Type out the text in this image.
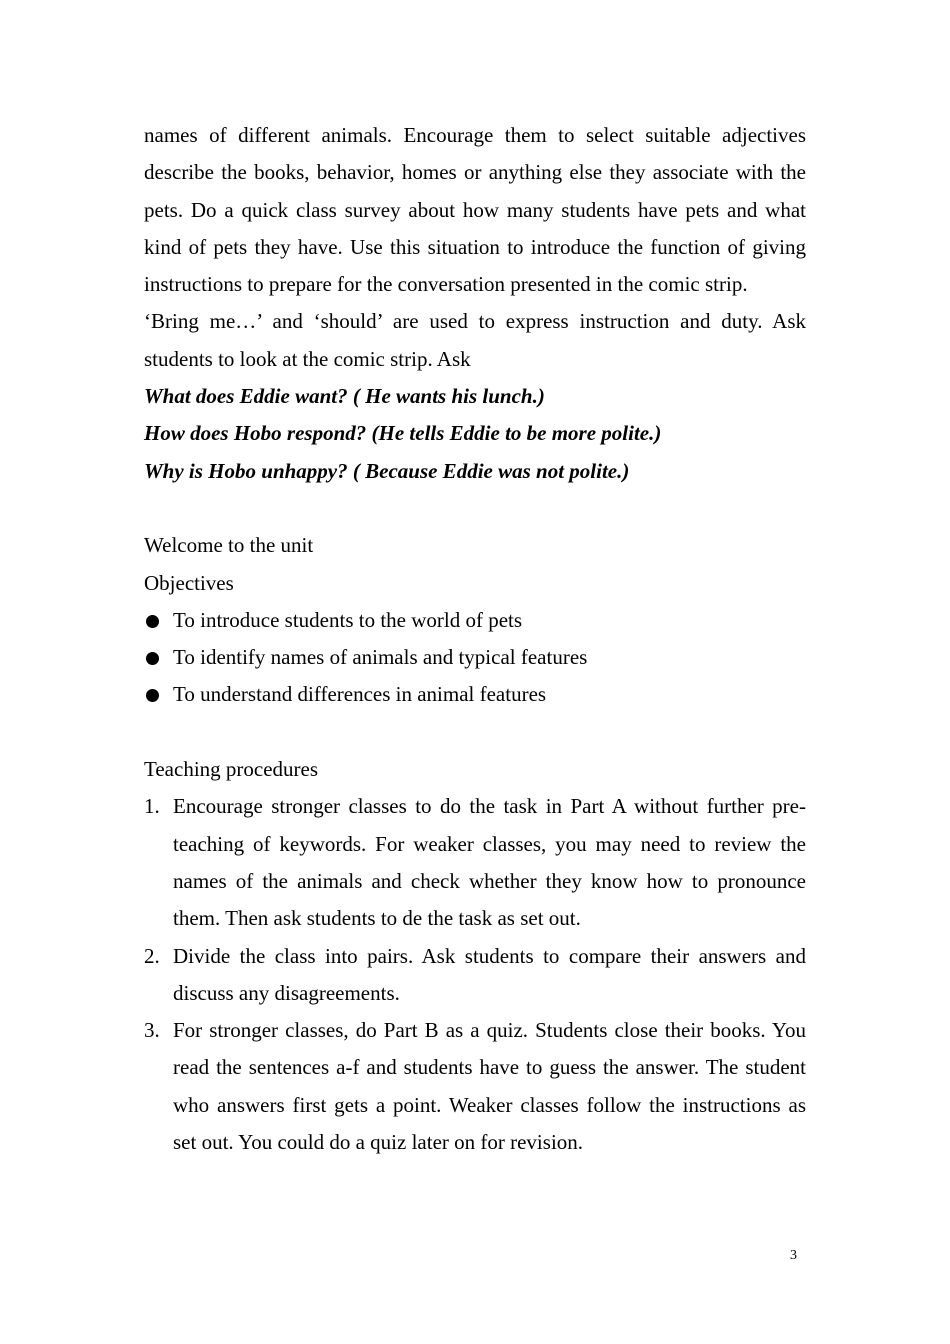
names of different animals. Encourage them to select suitable adjectives describe the books, behavior, homes or anything else they associate with the pets. Do a quick class survey about how many students have pets and what kind of pets they have. Use this situation to introduce the function of giving instructions to prepare for the conversation presented in the comic strip.

‘Bring me…’ and ‘should’ are used to express instruction and duty. Ask students to look at the comic strip. Ask

What does Eddie want? ( He wants his lunch.)

How does Hobo respond? (He tells Eddie to be more polite.)

Why is Hobo unhappy? ( Because Eddie was not polite.)

Welcome to the unit

Objectives

To introduce students to the world of pets
To identify names of animals and typical features
To understand differences in animal features

Teaching procedures

1. Encourage stronger classes to do the task in Part A without further pre-teaching of keywords. For weaker classes, you may need to review the names of the animals and check whether they know how to pronounce them. Then ask students to de the task as set out.
2. Divide the class into pairs. Ask students to compare their answers and discuss any disagreements.
3. For stronger classes, do Part B as a quiz. Students close their books. You read the sentences a-f and students have to guess the answer. The student who answers first gets a point. Weaker classes follow the instructions as set out. You could do a quiz later on for revision.
3
